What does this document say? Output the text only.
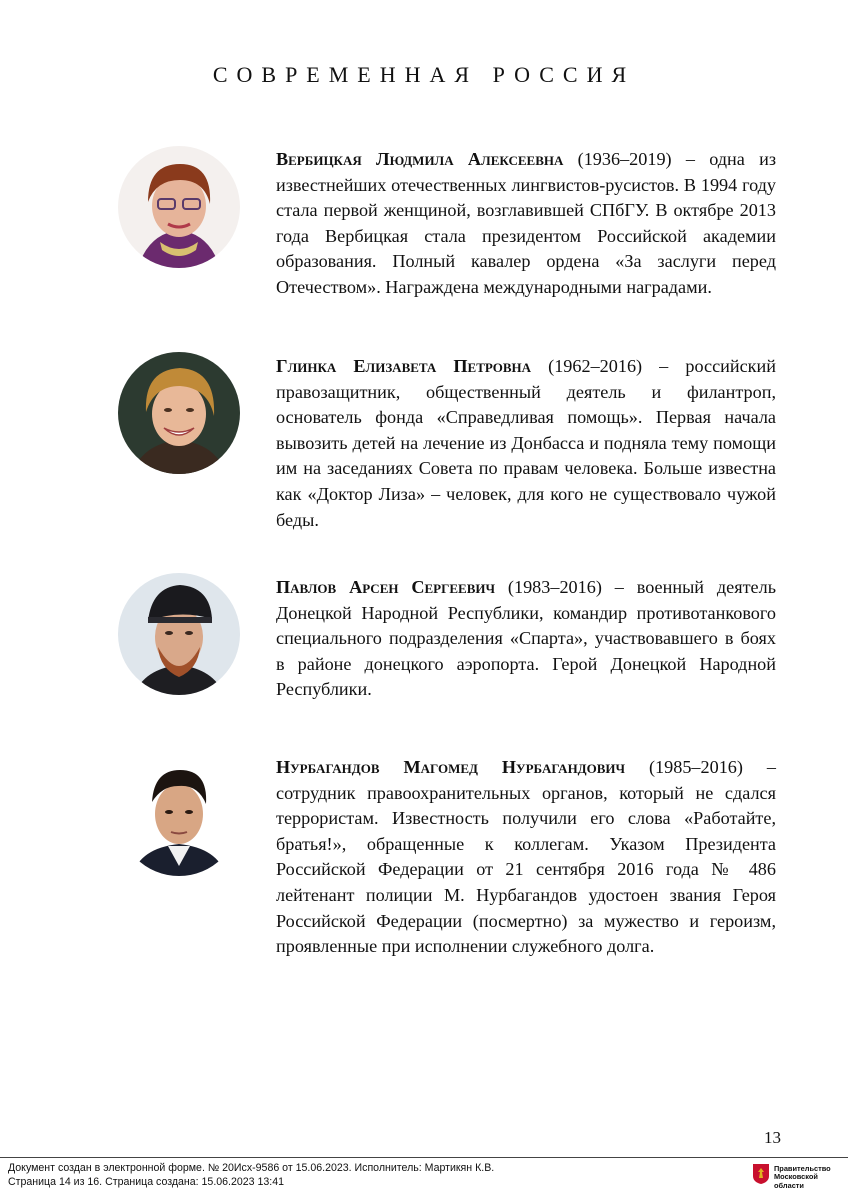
СОВРЕМЕННАЯ РОССИЯ

Вербицкая Людмила Алексеевна (1936–2019) – одна из известнейших отечественных лингвистов-русистов. В 1994 году стала первой женщиной, возглавившей СПбГУ. В октябре 2013 года Вербицкая стала президентом Российской академии образования. Полный кавалер ордена «За заслуги перед Отечеством». Награждена международными наградами.

Глинка Елизавета Петровна (1962–2016) – российский правозащитник, общественный деятель и филантроп, основатель фонда «Справедливая помощь». Первая начала вывозить детей на лечение из Донбасса и подняла тему помощи им на заседаниях Совета по правам человека. Больше известна как «Доктор Лиза» – человек, для кого не существовало чужой беды.

Павлов Арсен Сергеевич (1983–2016) – военный деятель Донецкой Народной Республики, командир противотанкового специального подразделения «Спарта», участвовавшего в боях в районе донецкого аэропорта. Герой Донецкой Народной Республики.

Нурбагандов Магомед Нурбагандович (1985–2016) – сотрудник правоохранительных органов, который не сдался террористам. Известность получили его слова «Работайте, братья!», обращенные к коллегам. Указом Президента Российской Федерации от 21 сентября 2016 года № 486 лейтенант полиции М. Нурбагандов удостоен звания Героя Российской Федерации (посмертно) за мужество и героизм, проявленные при исполнении служебного долга.

13
Документ создан в электронной форме. № 20Исх-9586 от 15.06.2023. Исполнитель: Мартикян К.В.
Страница 14 из 16. Страница создана: 15.06.2023 13:41
Правительство
Московской области
